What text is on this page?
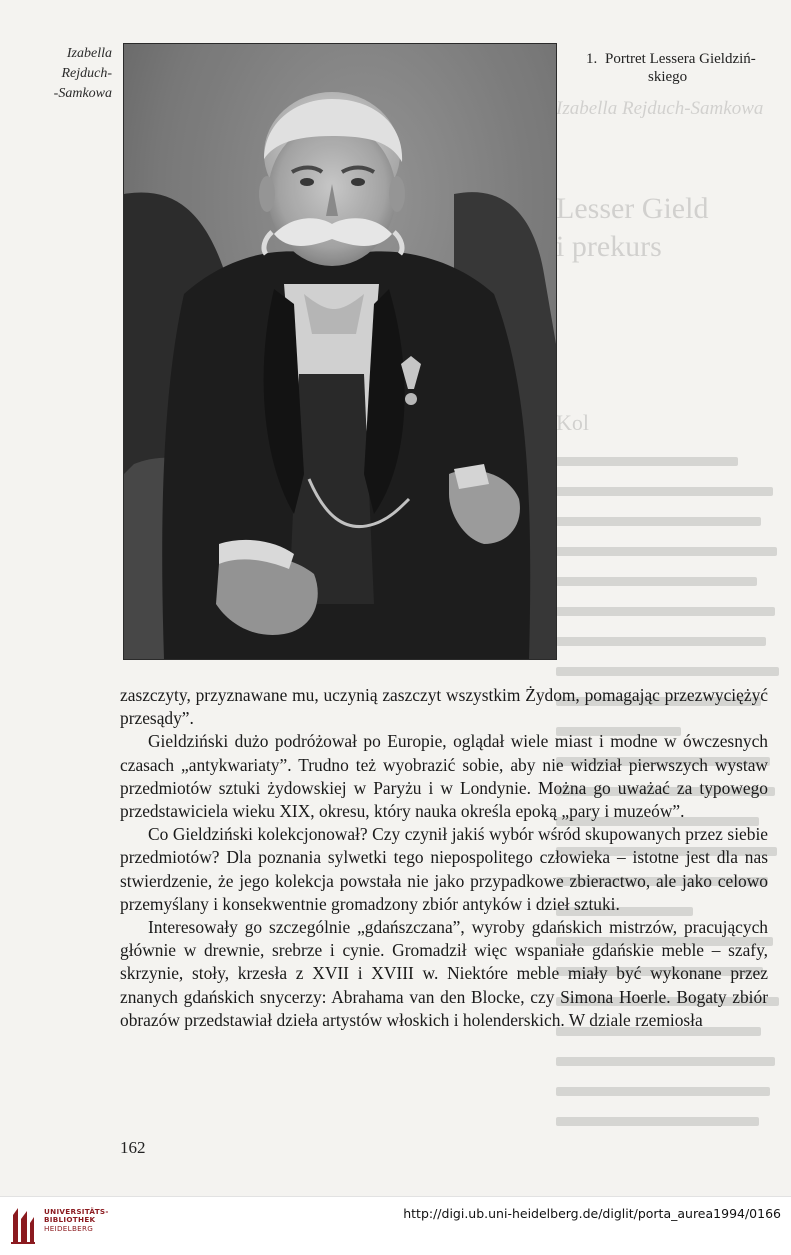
Izabella Rejduch-Samkowa
Lesser Gield
i prekurs
Kol
Izabella
Rejduch-
-Samkowa
1. Portret Lessera Gieldziń-
skiego

zaszczyty, przyznawane mu, uczynią zaszczyt wszystkim Żydom, pomagając przezwyciężyć przesądy”.

Gieldziński dużo podróżował po Europie, oglądał wiele miast i modne w ówczesnych czasach „antykwariaty”. Trudno też wyobrazić sobie, aby nie widział pierwszych wystaw przedmiotów sztuki żydowskiej w Paryżu i w Londynie. Można go uważać za typowego przedstawiciela wieku XIX, okresu, który nauka określa epoką „pary i muzeów”.

Co Gieldziński kolekcjonował? Czy czynił jakiś wybór wśród skupowanych przez siebie przedmiotów? Dla poznania sylwetki tego niepospolitego człowieka – istotne jest dla nas stwierdzenie, że jego kolekcja powstała nie jako przypadkowe zbieractwo, ale jako celowo przemyślany i konsekwentnie gromadzony zbiór antyków i dzieł sztuki.

Interesowały go szczególnie „gdańszczana”, wyroby gdańskich mistrzów, pracujących głównie w drewnie, srebrze i cynie. Gromadził więc wspaniałe gdańskie meble – szafy, skrzynie, stoły, krzesła z XVII i XVIII w. Niektóre meble miały być wykonane przez znanych gdańskich snycerzy: Abrahama van den Blocke, czy Simona Hoerle. Bogaty zbiór obrazów przedstawiał dzieła artystów włoskich i holenderskich. W dziale rzemiosła

162
UNIVERSITÄTS-
BIBLIOTHEK
HEIDELBERG
http://digi.ub.uni-heidelberg.de/diglit/porta_aurea1994/0166
